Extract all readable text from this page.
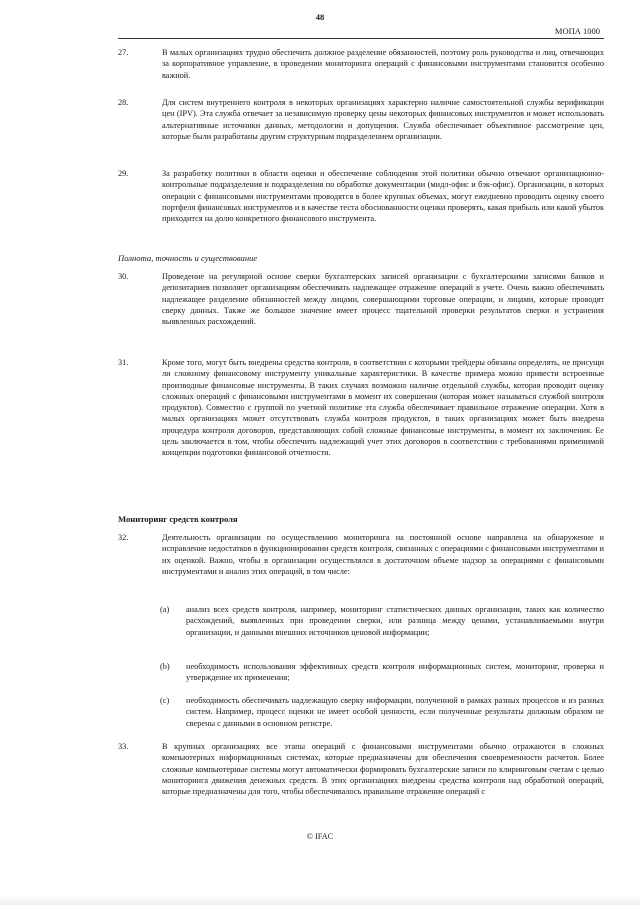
48
МОПА 1000
27.	В малых организациях трудно обеспечить должное разделение обязанностей, поэтому роль руководства и лиц, отвечающих за корпоративное управление, в проведении мониторинга операций с финансовыми инструментами становится особенно важной.
28.	Для систем внутреннего контроля в некоторых организациях характерно наличие самостоятельной службы верификации цен (IPV). Эта служба отвечает за независимую проверку цены некоторых финансовых инструментов и может использовать альтернативные источники данных, методологии и допущения. Служба обеспечивает объективное рассмотрение цен, которые были разработаны другим структурным подразделением организации.
29.	За разработку политики в области оценки и обеспечение соблюдения этой политики обычно отвечают организационно-контрольные подразделения и подразделения по обработке документации (мидл-офис и бэк-офис). Организации, в которых операции с финансовыми инструментами проводятся в более крупных объемах, могут ежедневно проводить оценку своего портфеля финансовых инструментов и в качестве теста обоснованности оценки проверять, какая прибыль или какой убыток приходится на долю конкретного финансового инструмента.
Полнота, точность и существование
30.	Проведение на регулярной основе сверки бухгалтерских записей организации с бухгалтерскими записями банков и депозитариев позволяет организациям обеспечивать надлежащее отражение операций в учете. Очень важно обеспечивать надлежащее разделение обязанностей между лицами, совершающими торговые операции, и лицами, которые проводят сверку данных. Также же большое значение имеет процесс тщательной проверки результатов сверки и устранения выявленных расхождений.
31.	Кроме того, могут быть внедрены средства контроля, в соответствии с которыми трейдеры обязаны определять, не присущи ли сложному финансовому инструменту уникальные характеристики. В качестве примера можно привести встроенные производные финансовые инструменты. В таких случаях возможно наличие отдельной службы, которая проводит оценку сложных операций с финансовыми инструментами в момент их совершения (которая может называться службой контроля продуктов). Совместно с группой по учетной политике эта служба обеспечивает правильное отражение операции. Хотя в малых организациях может отсутствовать служба контроля продуктов, в таких организациях может быть внедрена процедура контроля договоров, представляющих собой сложные финансовые инструменты, в момент их заключения. Ее цель заключается в том, чтобы обеспечить надлежащий учет этих договоров в соответствии с требованиями применимой концепции подготовки финансовой отчетности.
Мониторинг средств контроля
32.	Деятельность организации по осуществлению мониторинга на постоянной основе направлена на обнаружение и исправление недостатков в функционировании средств контроля, связанных с операциями с финансовыми инструментами и их оценкой. Важно, чтобы в организации осуществлялся в достаточном объеме надзор за операциями с финансовыми инструментами и анализ этих операций, в том числе:
(a) анализ всех средств контроля, например, мониторинг статистических данных организации, таких как количество расхождений, выявленных при проведении сверки, или разница между ценами, устанавливаемыми внутри организации, и данными внешних источников ценовой информации;
(b) необходимость использования эффективных средств контроля информационных систем, мониторинг, проверка и утверждение их применения;
(c) необходимость обеспечивать надлежащую сверку информации, полученной в рамках разных процессов и из разных систем. Например, процесс оценки не имеет особой ценности, если полученные результаты должным образом не сверены с данными в основном регистре.
33.	В крупных организациях все этапы операций с финансовыми инструментами обычно отражаются в сложных компьютерных информационных системах, которые предназначены для обеспечения своевременности расчетов. Более сложные компьютерные системы могут автоматически формировать бухгалтерские записи по клиринговым счетам с целью мониторинга движения денежных средств. В этих организациях внедрены средства контроля над обработкой операций, которые предназначены для того, чтобы обеспечивалось правильное отражение операций с
© IFAC
